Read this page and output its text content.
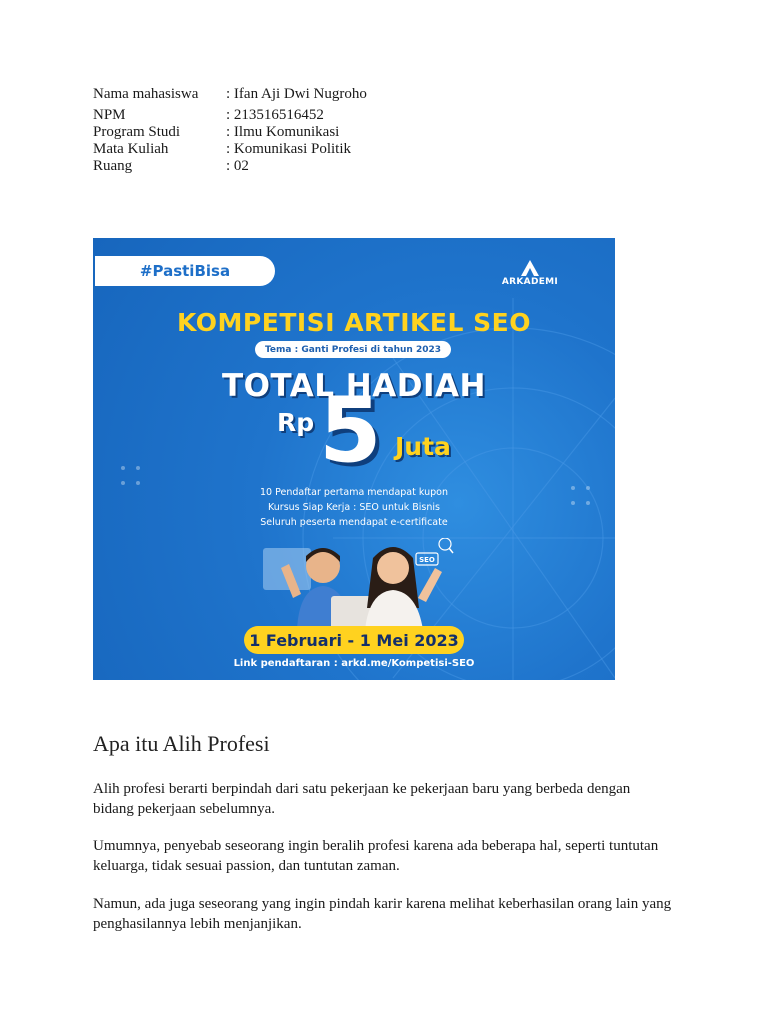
Nama mahasiswa	: Ifan Aji Dwi Nugroho
NPM	: 213516516452
Program Studi	: Ilmu Komunikasi
Mata Kuliah	: Komunikasi Politik
Ruang	: 02
#PastiBisa
ARKADEMI
KOMPETISI ARTIKEL SEO
Tema : Ganti Profesi di tahun 2023
TOTAL HADIAH
Rp 5 Juta
10 Pendaftar pertama mendapat kupon
Kursus Siap Kerja : SEO untuk Bisnis
Seluruh peserta mendapat e-certificate
SEO
1 Februari - 1 Mei 2023
Link pendaftaran : arkd.me/Kompetisi-SEO
Apa itu Alih Profesi

Alih profesi berarti berpindah dari satu pekerjaan ke pekerjaan baru yang berbeda dengan bidang pekerjaan sebelumnya.

Umumnya, penyebab seseorang ingin beralih profesi karena ada beberapa hal, seperti tuntutan keluarga, tidak sesuai passion, dan tuntutan zaman.

Namun, ada juga seseorang yang ingin pindah karir karena melihat keberhasilan orang lain yang penghasilannya lebih menjanjikan.
